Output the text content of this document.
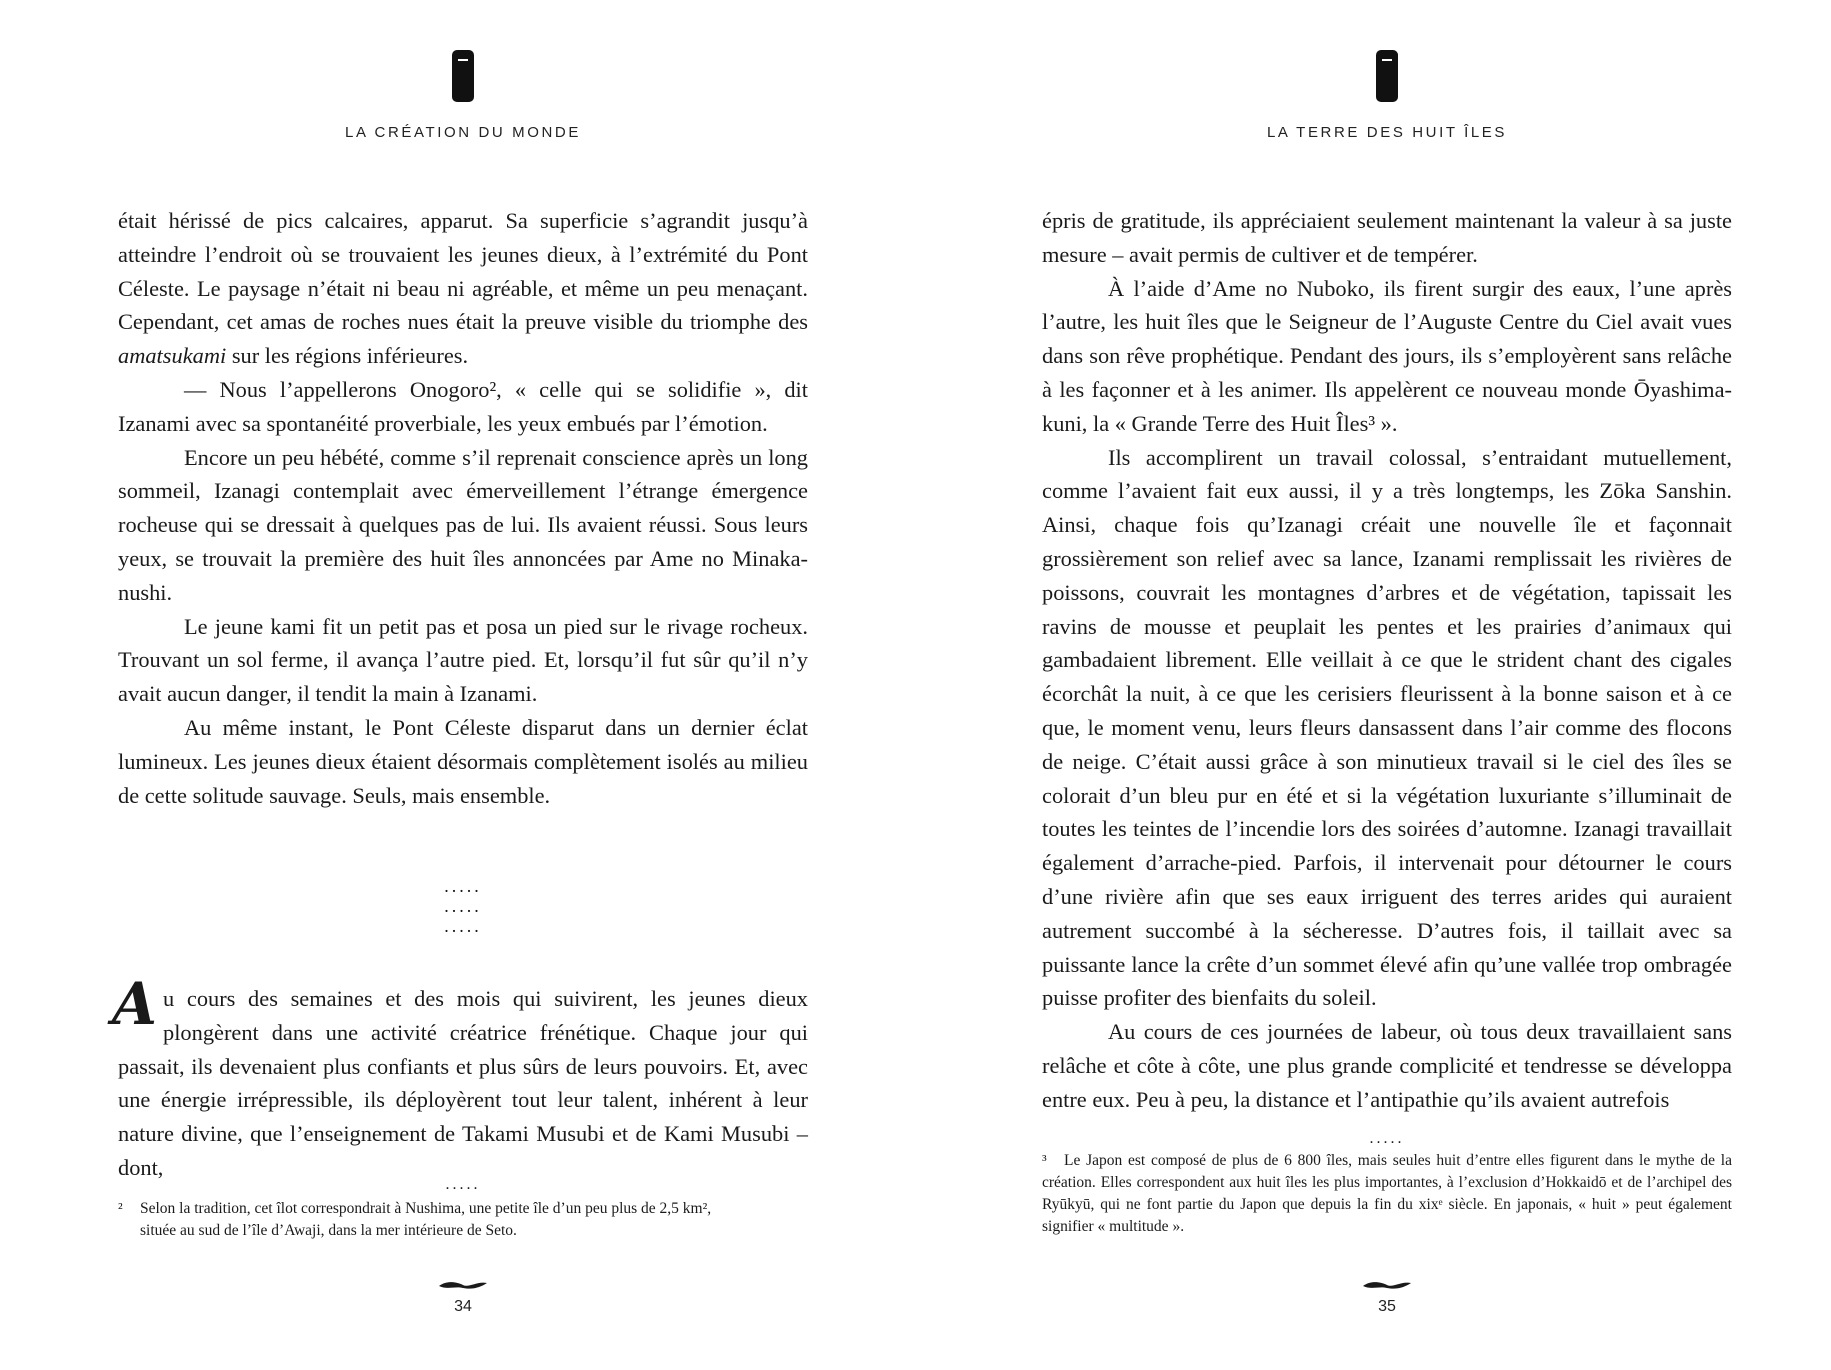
LA CRÉATION DU MONDE

était hérissé de pics calcaires, apparut. Sa superficie s’agrandit jusqu’à atteindre l’endroit où se trouvaient les jeunes dieux, à l’extrémité du Pont Céleste. Le paysage n’était ni beau ni agréable, et même un peu menaçant. Cependant, cet amas de roches nues était la preuve visible du triomphe des amatsukami sur les régions inférieures.

— Nous l’appellerons Onogoro², « celle qui se solidifie », dit Izanami avec sa spontanéité proverbiale, les yeux embués par l’émotion.

Encore un peu hébété, comme s’il reprenait conscience après un long sommeil, Izanagi contemplait avec émerveillement l’étrange émergence rocheuse qui se dressait à quelques pas de lui. Ils avaient réussi. Sous leurs yeux, se trouvait la première des huit îles annoncées par Ame no Minaka-nushi.

Le jeune kami fit un petit pas et posa un pied sur le rivage rocheux. Trouvant un sol ferme, il avança l’autre pied. Et, lorsqu’il fut sûr qu’il n’y avait aucun danger, il tendit la main à Izanami.

Au même instant, le Pont Céleste disparut dans un dernier éclat lumineux. Les jeunes dieux étaient désormais complètement isolés au milieu de cette solitude sauvage. Seuls, mais ensemble.

.....
.....
.....

Au cours des semaines et des mois qui suivirent, les jeunes dieux plongèrent dans une activité créatrice frénétique. Chaque jour qui passait, ils devenaient plus confiants et plus sûrs de leurs pouvoirs. Et, avec une énergie irrépressible, ils déployèrent tout leur talent, inhérent à leur nature divine, que l’enseignement de Takami Musubi et de Kami Musubi – dont,

.....
² Selon la tradition, cet îlot correspondrait à Nushima, une petite île d’un peu plus de 2,5 km²,
située au sud de l’île d’Awaji, dans la mer intérieure de Seto.
34
LA TERRE DES HUIT ÎLES

épris de gratitude, ils appréciaient seulement maintenant la valeur à sa juste mesure – avait permis de cultiver et de tempérer.

À l’aide d’Ame no Nuboko, ils firent surgir des eaux, l’une après l’autre, les huit îles que le Seigneur de l’Auguste Centre du Ciel avait vues dans son rêve prophétique. Pendant des jours, ils s’employèrent sans relâche à les façonner et à les animer. Ils appelèrent ce nouveau monde Ōyashima-kuni, la « Grande Terre des Huit Îles³ ».

Ils accomplirent un travail colossal, s’entraidant mutuellement, comme l’avaient fait eux aussi, il y a très longtemps, les Zōka Sanshin. Ainsi, chaque fois qu’Izanagi créait une nouvelle île et façonnait grossièrement son relief avec sa lance, Izanami remplissait les rivières de poissons, couvrait les montagnes d’arbres et de végétation, tapissait les ravins de mousse et peuplait les pentes et les prairies d’animaux qui gambadaient librement. Elle veillait à ce que le strident chant des cigales écorchât la nuit, à ce que les cerisiers fleurissent à la bonne saison et à ce que, le moment venu, leurs fleurs dansassent dans l’air comme des flocons de neige. C’était aussi grâce à son minutieux travail si le ciel des îles se colorait d’un bleu pur en été et si la végétation luxuriante s’illuminait de toutes les teintes de l’incendie lors des soirées d’automne. Izanagi travaillait également d’arrache-pied. Parfois, il intervenait pour détourner le cours d’une rivière afin que ses eaux irriguent des terres arides qui auraient autrement succombé à la sécheresse. D’autres fois, il taillait avec sa puissante lance la crête d’un sommet élevé afin qu’une vallée trop ombragée puisse profiter des bienfaits du soleil.

Au cours de ces journées de labeur, où tous deux travaillaient sans relâche et côte à côte, une plus grande complicité et tendresse se développa entre eux. Peu à peu, la distance et l’antipathie qu’ils avaient autrefois

.....
³ Le Japon est composé de plus de 6 800 îles, mais seules huit d’entre elles figurent dans le mythe de la création. Elles correspondent aux huit îles les plus importantes, à l’exclusion d’Hokkaidō et de l’archipel des Ryūkyū, qui ne font partie du Japon que depuis la fin du xixᵉ siècle. En japonais, « huit » peut également signifier « multitude ».
35
